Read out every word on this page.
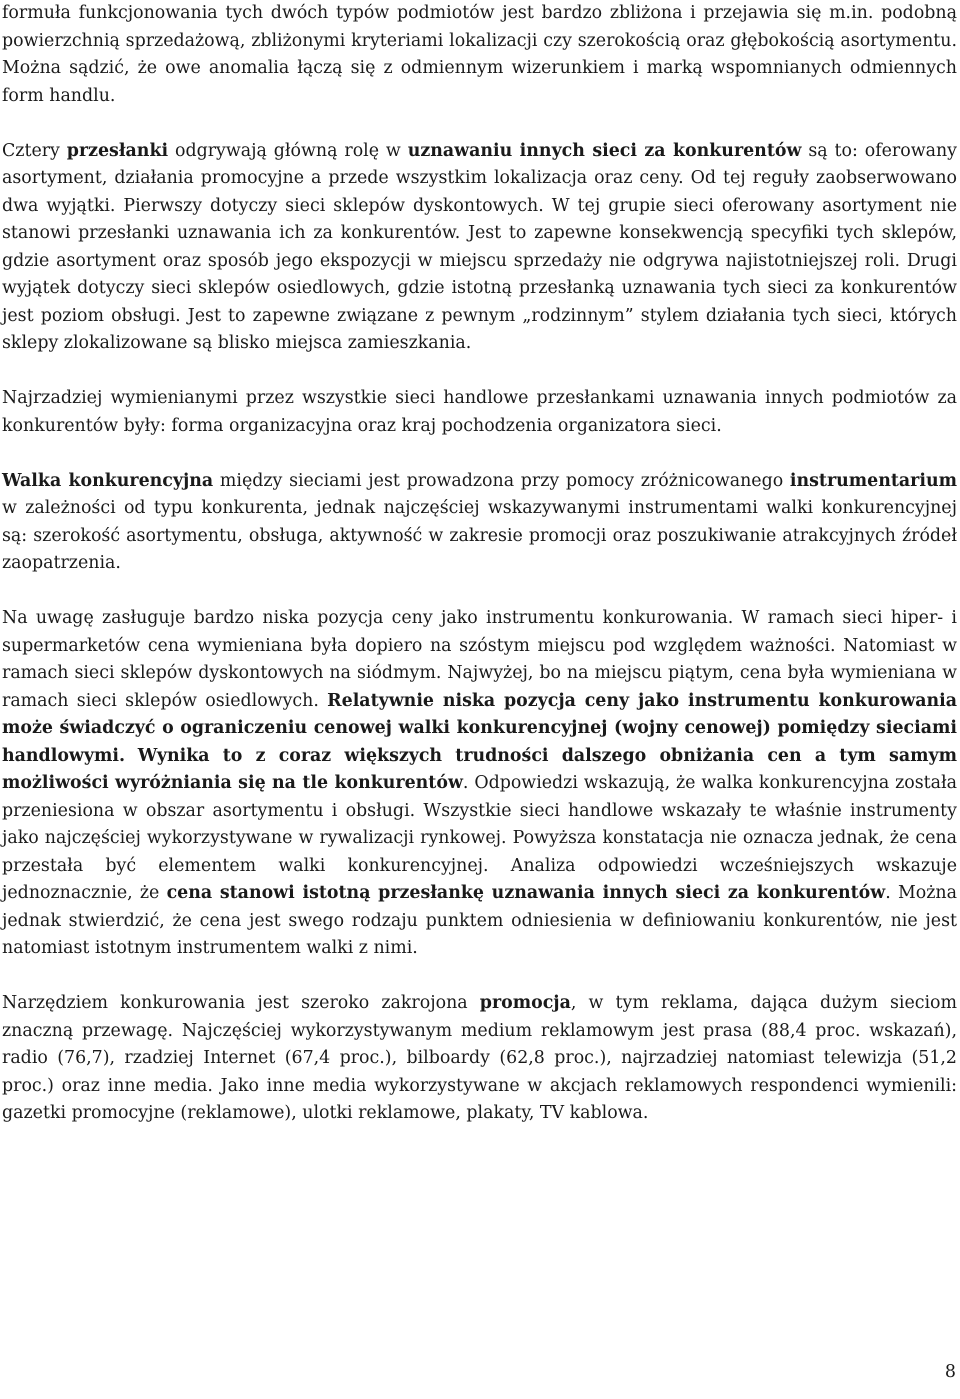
formuła funkcjonowania tych dwóch typów podmiotów jest bardzo zbliżona i przejawia się m.in. podobną powierzchnią sprzedażową, zbliżonymi kryteriami lokalizacji czy szerokością oraz głębokością asortymentu. Można sądzić, że owe anomalia łączą się z odmiennym wizerunkiem i marką wspomnianych odmiennych form handlu.

Cztery przesłanki odgrywają główną rolę w uznawaniu innych sieci za konkurentów są to: oferowany asortyment, działania promocyjne a przede wszystkim lokalizacja oraz ceny. Od tej reguły zaobserwowano dwa wyjątki. Pierwszy dotyczy sieci sklepów dyskontowych. W tej grupie sieci oferowany asortyment nie stanowi przesłanki uznawania ich za konkurentów. Jest to zapewne konsekwencją specyfiki tych sklepów, gdzie asortyment oraz sposób jego ekspozycji w miejscu sprzedaży nie odgrywa najistotniejszej roli. Drugi wyjątek dotyczy sieci sklepów osiedlowych, gdzie istotną przesłanką uznawania tych sieci za konkurentów jest poziom obsługi. Jest to zapewne związane z pewnym „rodzinnym” stylem działania tych sieci, których sklepy zlokalizowane są blisko miejsca zamieszkania.

Najrzadziej wymienianymi przez wszystkie sieci handlowe przesłankami uznawania innych podmiotów za konkurentów były: forma organizacyjna oraz kraj pochodzenia organizatora sieci.

Walka konkurencyjna między sieciami jest prowadzona przy pomocy zróżnicowanego instrumentarium w zależności od typu konkurenta, jednak najczęściej wskazywanymi instrumentami walki konkurencyjnej są: szerokość asortymentu, obsługa, aktywność w zakresie promocji oraz poszukiwanie atrakcyjnych źródeł zaopatrzenia.

Na uwagę zasługuje bardzo niska pozycja ceny jako instrumentu konkurowania. W ramach sieci hiper- i supermarketów cena wymieniana była dopiero na szóstym miejscu pod względem ważności. Natomiast w ramach sieci sklepów dyskontowych na siódmym. Najwyżej, bo na miejscu piątym, cena była wymieniana w ramach sieci sklepów osiedlowych. Relatywnie niska pozycja ceny jako instrumentu konkurowania może świadczyć o ograniczeniu cenowej walki konkurencyjnej (wojny cenowej) pomiędzy sieciami handlowymi. Wynika to z coraz większych trudności dalszego obniżania cen a tym samym możliwości wyróżniania się na tle konkurentów. Odpowiedzi wskazują, że walka konkurencyjna została przeniesiona w obszar asortymentu i obsługi. Wszystkie sieci handlowe wskazały te właśnie instrumenty jako najczęściej wykorzystywane w rywalizacji rynkowej. Powyższa konstatacja nie oznacza jednak, że cena przestała być elementem walki konkurencyjnej. Analiza odpowiedzi wcześniejszych wskazuje jednoznacznie, że cena stanowi istotną przesłankę uznawania innych sieci za konkurentów. Można jednak stwierdzić, że cena jest swego rodzaju punktem odniesienia w definiowaniu konkurentów, nie jest natomiast istotnym instrumentem walki z nimi.

Narzędziem konkurowania jest szeroko zakrojona promocja, w tym reklama, dająca dużym sieciom znaczną przewagę. Najczęściej wykorzystywanym medium reklamowym jest prasa (88,4 proc. wskazań), radio (76,7), rzadziej Internet (67,4 proc.), bilboardy (62,8 proc.), najrzadziej natomiast telewizja (51,2 proc.) oraz inne media. Jako inne media wykorzystywane w akcjach reklamowych respondenci wymienili: gazetki promocyjne (reklamowe), ulotki reklamowe, plakaty, TV kablowa.

8
